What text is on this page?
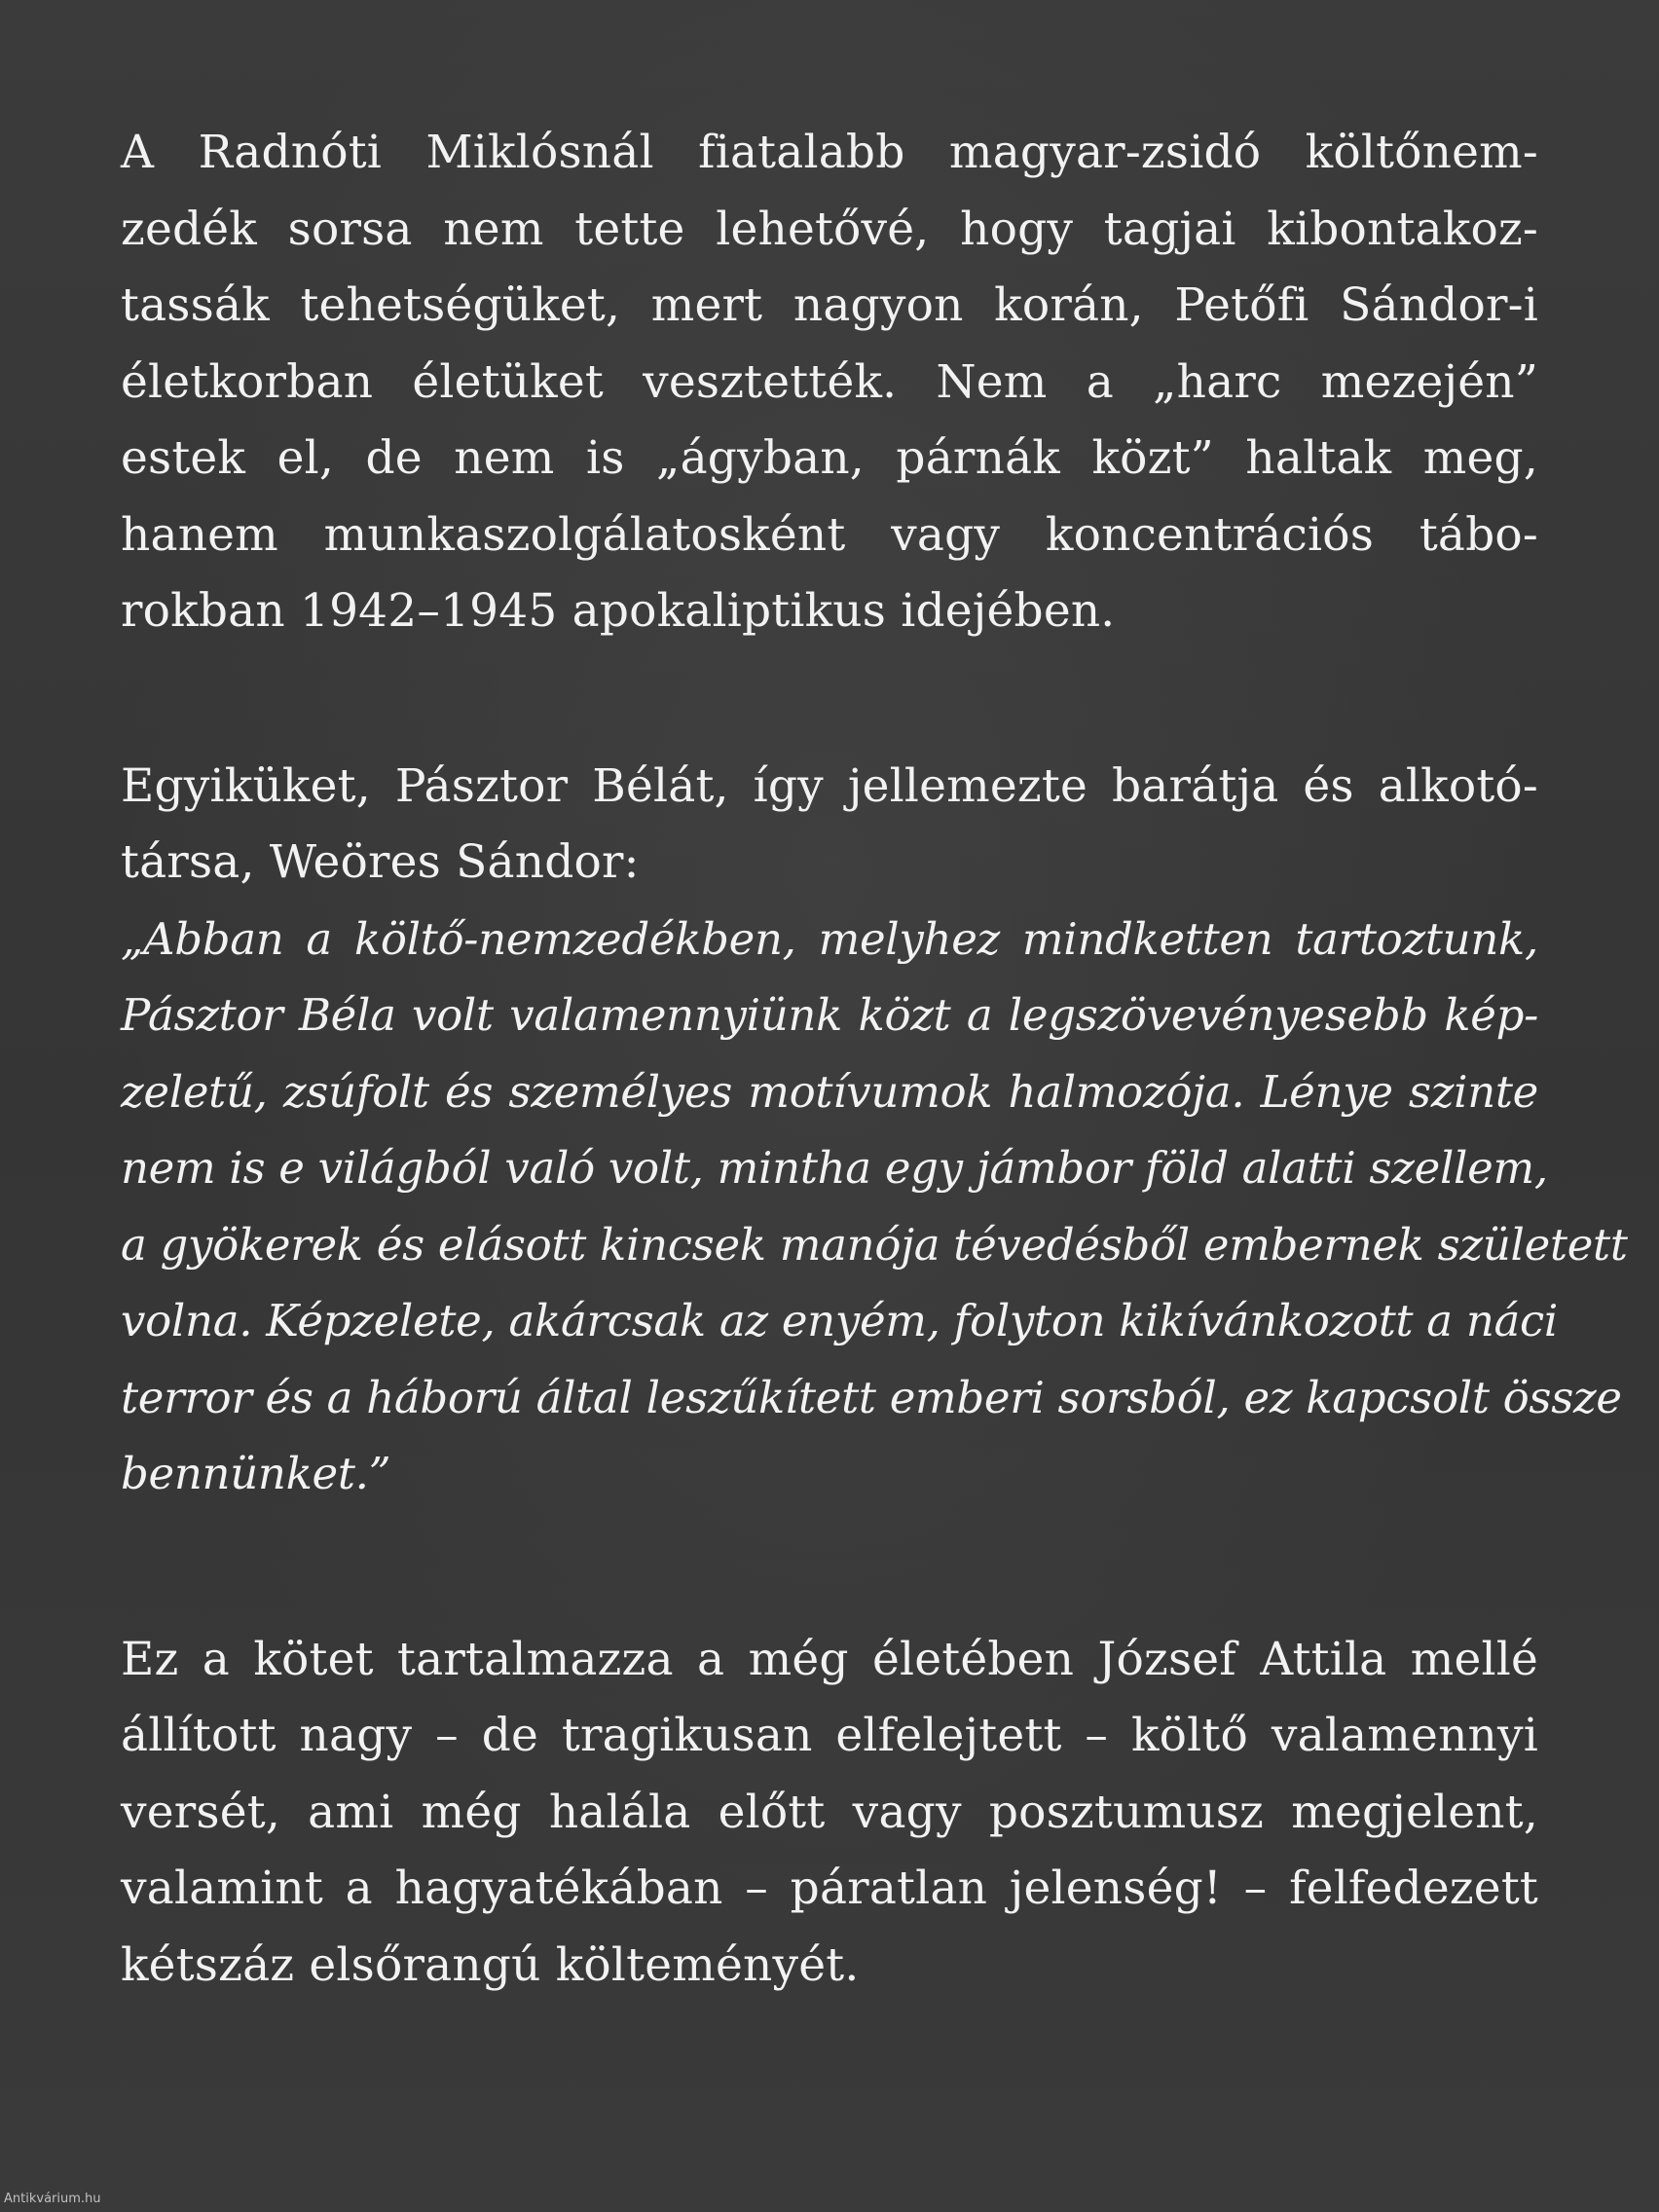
A Radnóti Miklósnál fiatalabb magyar-zsidó költőnem-
zedék sorsa nem tette lehetővé, hogy tagjai kibontakoz-
tassák tehetségüket, mert nagyon korán, Petőfi Sándor-i
életkorban életüket vesztették. Nem a „harc mezején”
estek el, de nem is „ágyban, párnák közt” haltak meg,
hanem munkaszolgálatosként vagy koncentrációs tábo-
rokban 1942–1945 apokaliptikus idejében.
Egyiküket, Pásztor Bélát, így jellemezte barátja és alkotó-
társa, Weöres Sándor:
„Abban a költő-nemzedékben, melyhez mindketten tartoztunk,
Pásztor Béla volt valamennyiünk közt a legszövevényesebb kép-
zeletű, zsúfolt és személyes motívumok halmozója. Lénye szinte
nem is e világból való volt, mintha egy jámbor föld alatti szellem,
a gyökerek és elásott kincsek manója tévedésből embernek született
volna. Képzelete, akárcsak az enyém, folyton kikívánkozott a náci
terror és a háború által leszűkített emberi sorsból, ez kapcsolt össze
bennünket.”
Ez a kötet tartalmazza a még életében József Attila mellé
állított nagy – de tragikusan elfelejtett – költő valamennyi
versét, ami még halála előtt vagy posztumusz megjelent,
valamint a hagyatékában – páratlan jelenség! – felfedezett
kétszáz elsőrangú költeményét.
Antikvárium.hu
